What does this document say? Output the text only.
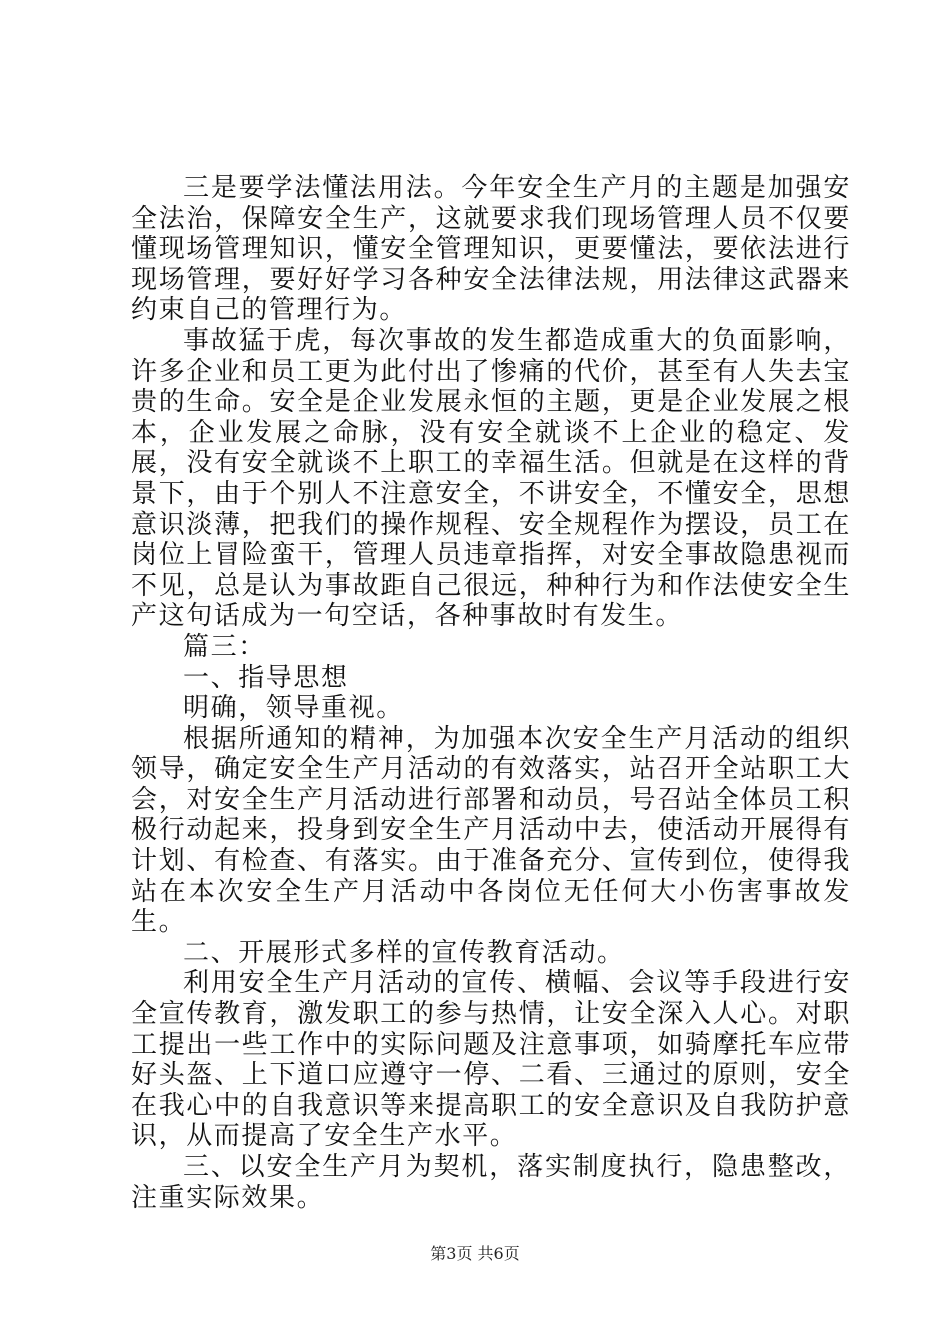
三是要学法懂法用法。今年安全生产月的主题是加强安全法治，保障安全生产，这就要求我们现场管理人员不仅要懂现场管理知识，懂安全管理知识，更要懂法，要依法进行现场管理，要好好学习各种安全法律法规，用法律这武器来约束自己的管理行为。

事故猛于虎，每次事故的发生都造成重大的负面影响，许多企业和员工更为此付出了惨痛的代价，甚至有人失去宝贵的生命。安全是企业发展永恒的主题，更是企业发展之根本，企业发展之命脉，没有安全就谈不上企业的稳定、发展，没有安全就谈不上职工的幸福生活。但就是在这样的背景下，由于个别人不注意安全，不讲安全，不懂安全，思想意识淡薄，把我们的操作规程、安全规程作为摆设，员工在岗位上冒险蛮干，管理人员违章指挥，对安全事故隐患视而不见，总是认为事故距自己很远，种种行为和作法使安全生产这句话成为一句空话，各种事故时有发生。

篇三：

一、指导思想

明确，领导重视。

根据所通知的精神，为加强本次安全生产月活动的组织领导，确定安全生产月活动的有效落实，站召开全站职工大会，对安全生产月活动进行部署和动员，号召站全体员工积极行动起来，投身到安全生产月活动中去，使活动开展得有计划、有检查、有落实。由于准备充分、宣传到位，使得我站在本次安全生产月活动中各岗位无任何大小伤害事故发生。

二、开展形式多样的宣传教育活动。

利用安全生产月活动的宣传、横幅、会议等手段进行安全宣传教育，激发职工的参与热情，让安全深入人心。对职工提出一些工作中的实际问题及注意事项，如骑摩托车应带好头盔、上下道口应遵守一停、二看、三通过的原则，安全在我心中的自我意识等来提高职工的安全意识及自我防护意识，从而提高了安全生产水平。

三、以安全生产月为契机，落实制度执行，隐患整改，注重实际效果。

第3页 共6页
